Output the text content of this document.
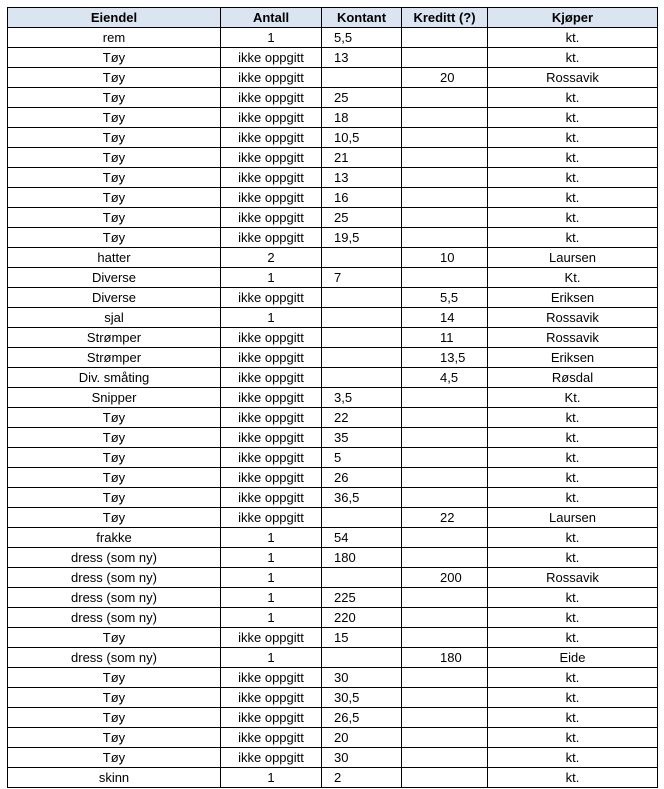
Eiendel	Antall	Kontant	Kreditt (?)	Kjøper
rem	1	5,5		kt.
Tøy	ikke oppgitt	13		kt.
Tøy	ikke oppgitt		20	Rossavik
Tøy	ikke oppgitt	25		kt.
Tøy	ikke oppgitt	18		kt.
Tøy	ikke oppgitt	10,5		kt.
Tøy	ikke oppgitt	21		kt.
Tøy	ikke oppgitt	13		kt.
Tøy	ikke oppgitt	16		kt.
Tøy	ikke oppgitt	25		kt.
Tøy	ikke oppgitt	19,5		kt.
hatter	2		10	Laursen
Diverse	1	7		Kt.
Diverse	ikke oppgitt		5,5	Eriksen
sjal	1		14	Rossavik
Strømper	ikke oppgitt		11	Rossavik
Strømper	ikke oppgitt		13,5	Eriksen
Div. småting	ikke oppgitt		4,5	Røsdal
Snipper	ikke oppgitt	3,5		Kt.
Tøy	ikke oppgitt	22		kt.
Tøy	ikke oppgitt	35		kt.
Tøy	ikke oppgitt	5		kt.
Tøy	ikke oppgitt	26		kt.
Tøy	ikke oppgitt	36,5		kt.
Tøy	ikke oppgitt		22	Laursen
frakke	1	54		kt.
dress (som ny)	1	180		kt.
dress (som ny)	1		200	Rossavik
dress (som ny)	1	225		kt.
dress (som ny)	1	220		kt.
Tøy	ikke oppgitt	15		kt.
dress (som ny)	1		180	Eide
Tøy	ikke oppgitt	30		kt.
Tøy	ikke oppgitt	30,5		kt.
Tøy	ikke oppgitt	26,5		kt.
Tøy	ikke oppgitt	20		kt.
Tøy	ikke oppgitt	30		kt.
skinn	1	2		kt.
